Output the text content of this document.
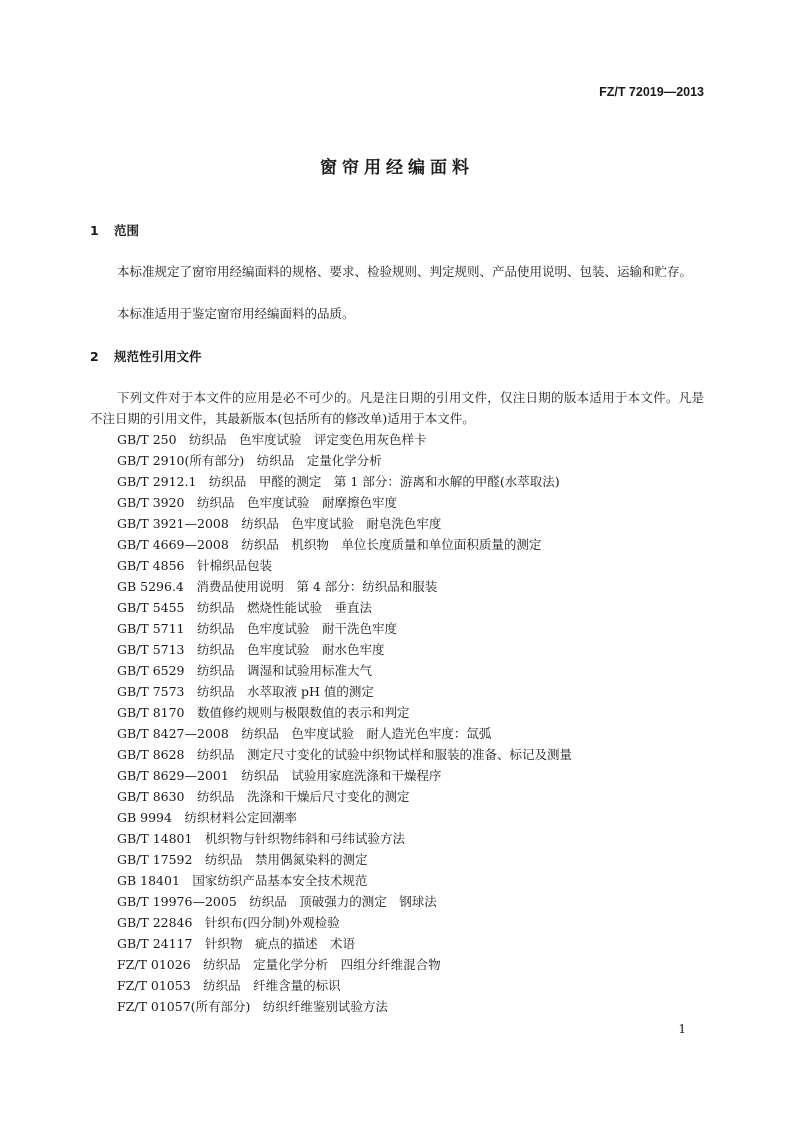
FZ/T 72019—2013
窗帘用经编面料
1 范围
本标准规定了窗帘用经编面料的规格、要求、检验规则、判定规则、产品使用说明、包装、运输和贮存。
本标准适用于鉴定窗帘用经编面料的品质。
2 规范性引用文件
下列文件对于本文件的应用是必不可少的。凡是注日期的引用文件，仅注日期的版本适用于本文件。凡是不注日期的引用文件，其最新版本(包括所有的修改单)适用于本文件。
GB/T 250　纺织品　色牢度试验　评定变色用灰色样卡
GB/T 2910(所有部分)　纺织品　定量化学分析
GB/T 2912.1　纺织品　甲醛的测定　第 1 部分：游离和水解的甲醛(水萃取法)
GB/T 3920　纺织品　色牢度试验　耐摩擦色牢度
GB/T 3921—2008　纺织品　色牢度试验　耐皂洗色牢度
GB/T 4669—2008　纺织品　机织物　单位长度质量和单位面积质量的测定
GB/T 4856　针棉织品包装
GB 5296.4　消费品使用说明　第 4 部分：纺织品和服装
GB/T 5455　纺织品　燃烧性能试验　垂直法
GB/T 5711　纺织品　色牢度试验　耐干洗色牢度
GB/T 5713　纺织品　色牢度试验　耐水色牢度
GB/T 6529　纺织品　调湿和试验用标准大气
GB/T 7573　纺织品　水萃取液 pH 值的测定
GB/T 8170　数值修约规则与极限数值的表示和判定
GB/T 8427—2008　纺织品　色牢度试验　耐人造光色牢度：氙弧
GB/T 8628　纺织品　测定尺寸变化的试验中织物试样和服装的准备、标记及测量
GB/T 8629—2001　纺织品　试验用家庭洗涤和干燥程序
GB/T 8630　纺织品　洗涤和干燥后尺寸变化的测定
GB 9994　纺织材料公定回潮率
GB/T 14801　机织物与针织物纬斜和弓纬试验方法
GB/T 17592　纺织品　禁用偶氮染料的测定
GB 18401　国家纺织产品基本安全技术规范
GB/T 19976—2005　纺织品　顶破强力的测定　钢球法
GB/T 22846　针织布(四分制)外观检验
GB/T 24117　针织物　疵点的描述　术语
FZ/T 01026　纺织品　定量化学分析　四组分纤维混合物
FZ/T 01053　纺织品　纤维含量的标识
FZ/T 01057(所有部分)　纺织纤维鉴别试验方法
1
